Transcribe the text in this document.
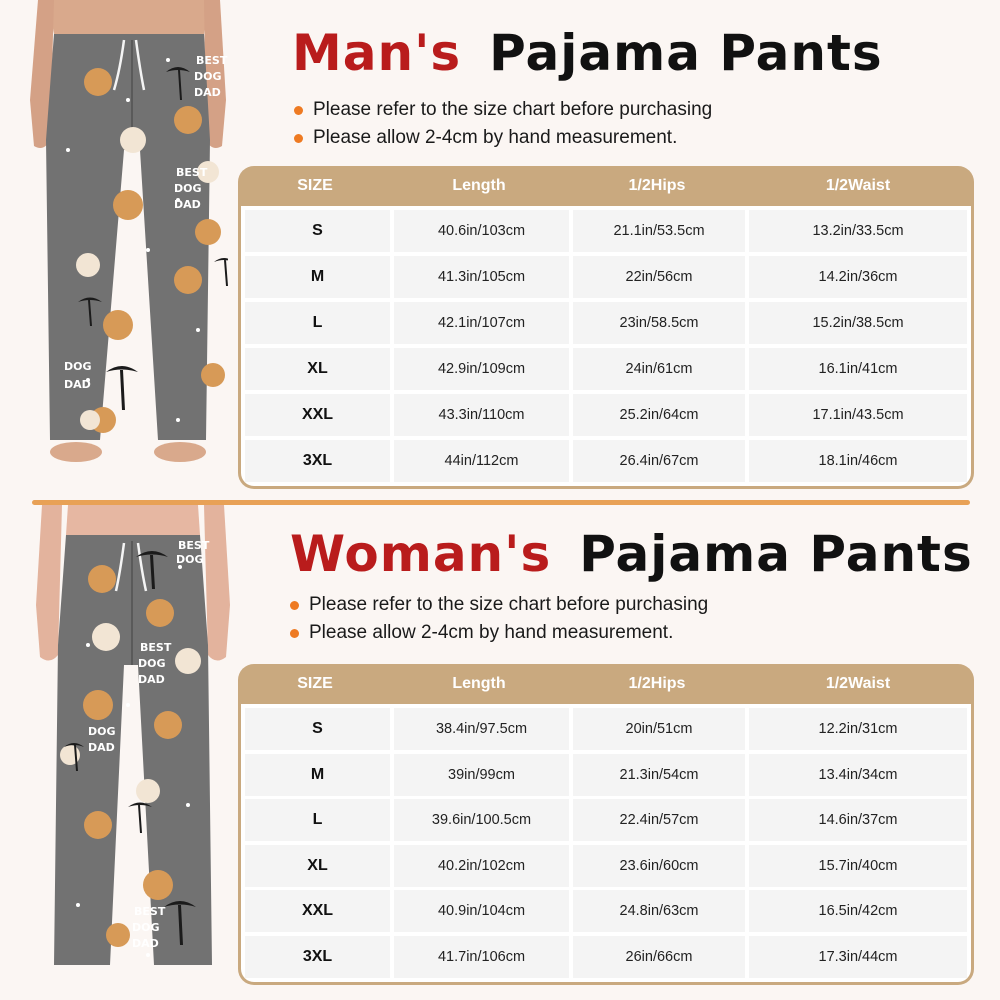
BEST
DOG
DAD
BEST
DOG
DAD
DOG
DAD
Man's Pajama Pants
Please refer to the size chart before purchasing
Please allow 2-4cm by hand measurement.
SIZE	Length	1/2Hips	1/2Waist
S	40.6in/103cm	21.1in/53.5cm	13.2in/33.5cm
M	41.3in/105cm	22in/56cm	14.2in/36cm
L	42.1in/107cm	23in/58.5cm	15.2in/38.5cm
XL	42.9in/109cm	24in/61cm	16.1in/41cm
XXL	43.3in/110cm	25.2in/64cm	17.1in/43.5cm
3XL	44in/112cm	26.4in/67cm	18.1in/46cm
BEST
DOG
BEST
DOG
DAD
DOG
DAD
BEST
DOG
DAD
Woman's Pajama Pants
Please refer to the size chart before purchasing
Please allow 2-4cm by hand measurement.
SIZE	Length	1/2Hips	1/2Waist
S	38.4in/97.5cm	20in/51cm	12.2in/31cm
M	39in/99cm	21.3in/54cm	13.4in/34cm
L	39.6in/100.5cm	22.4in/57cm	14.6in/37cm
XL	40.2in/102cm	23.6in/60cm	15.7in/40cm
XXL	40.9in/104cm	24.8in/63cm	16.5in/42cm
3XL	41.7in/106cm	26in/66cm	17.3in/44cm
